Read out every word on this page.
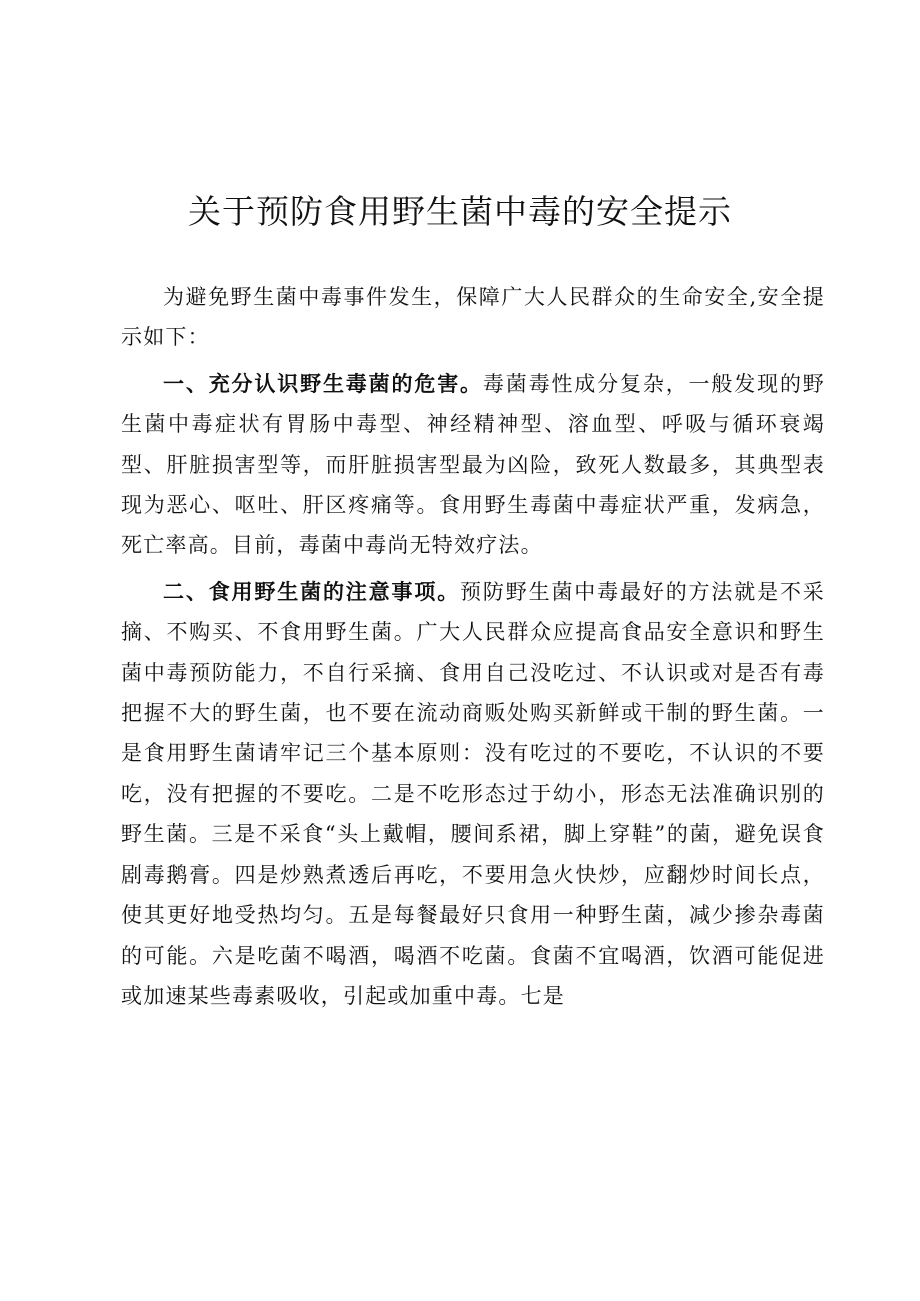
关于预防食用野生菌中毒的安全提示

为避免野生菌中毒事件发生，保障广大人民群众的生命安全,安全提示如下：

一、充分认识野生毒菌的危害。毒菌毒性成分复杂，一般发现的野生菌中毒症状有胃肠中毒型、神经精神型、溶血型、呼吸与循环衰竭型、肝脏损害型等，而肝脏损害型最为凶险，致死人数最多，其典型表现为恶心、呕吐、肝区疼痛等。食用野生毒菌中毒症状严重，发病急，死亡率高。目前，毒菌中毒尚无特效疗法。

二、食用野生菌的注意事项。预防野生菌中毒最好的方法就是不采摘、不购买、不食用野生菌。广大人民群众应提高食品安全意识和野生菌中毒预防能力，不自行采摘、食用自己没吃过、不认识或对是否有毒把握不大的野生菌，也不要在流动商贩处购买新鲜或干制的野生菌。一是食用野生菌请牢记三个基本原则：没有吃过的不要吃，不认识的不要吃，没有把握的不要吃。二是不吃形态过于幼小，形态无法准确识别的野生菌。三是不采食“头上戴帽，腰间系裙，脚上穿鞋”的菌，避免误食剧毒鹅膏。四是炒熟煮透后再吃，不要用急火快炒，应翻炒时间长点，使其更好地受热均匀。五是每餐最好只食用一种野生菌，减少掺杂毒菌的可能。六是吃菌不喝酒，喝酒不吃菌。食菌不宜喝酒，饮酒可能促进或加速某些毒素吸收，引起或加重中毒。七是
